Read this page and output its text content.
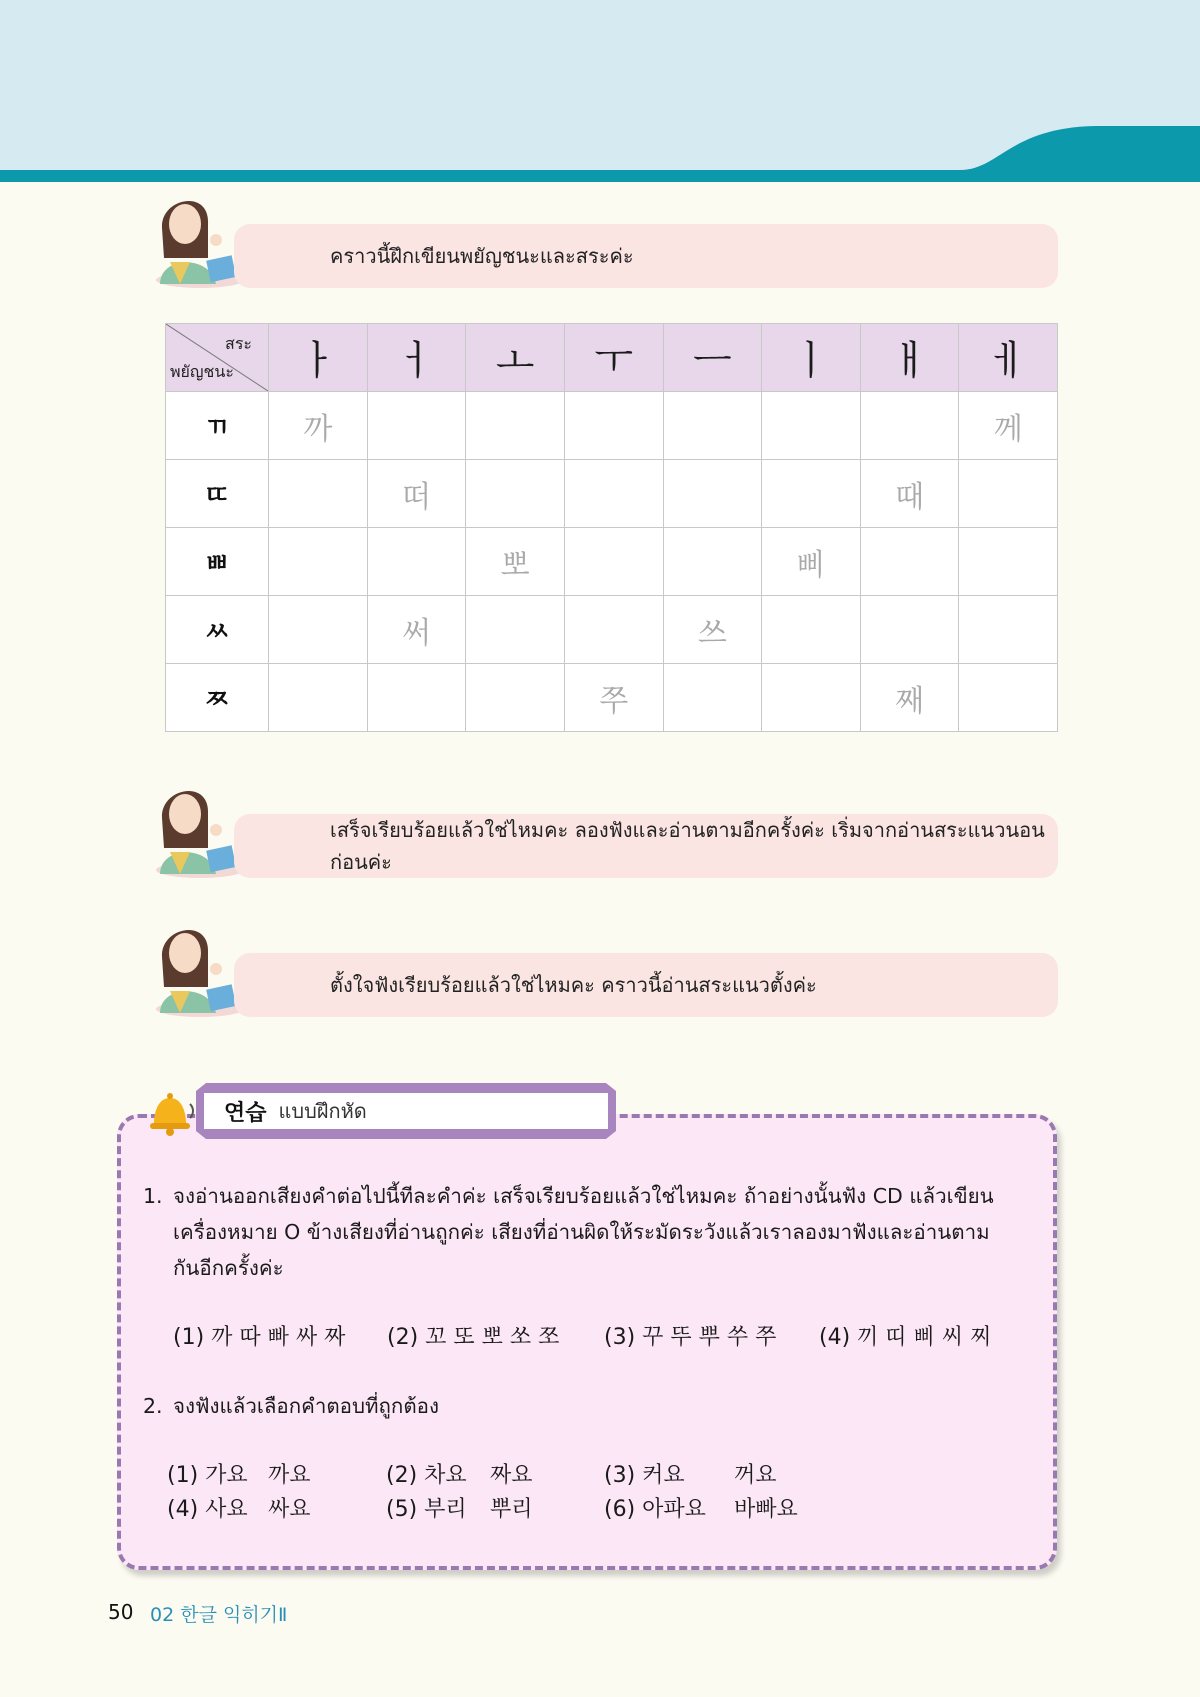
คราวนี้ฝึกเขียนพยัญชนะและสระค่ะ
สระ
พยัญชนะ	ㅏ	ㅓ	ㅗ	ㅜ	ㅡ	ㅣ	ㅐ	ㅔ
ㄲ	까							께
ㄸ		떠					때	
ㅃ			뽀			삐		
ㅆ		써			쓰			
ㅉ				쭈			째	
เสร็จเรียบร้อยแล้วใช่ไหมคะ ลองฟังและอ่านตามอีกครั้งค่ะ เริ่มจากอ่านสระแนวนอนก่อนค่ะ
ตั้งใจฟังเรียบร้อยแล้วใช่ไหมคะ คราวนี้อ่านสระแนวตั้งค่ะ
연습 แบบฝึกหัด
1. จงอ่านออกเสียงคำต่อไปนี้ทีละคำค่ะ เสร็จเรียบร้อยแล้วใช่ไหมคะ ถ้าอย่างนั้นฟัง CD แล้วเขียน
เครื่องหมาย O ข้างเสียงที่อ่านถูกค่ะ เสียงที่อ่านผิดให้ระมัดระวังแล้วเราลองมาฟังและอ่านตาม
กันอีกครั้งค่ะ
(1) 까 따 빠 싸 짜 (2) 꼬 또 뽀 쏘 쪼 (3) 꾸 뚜 뿌 쑤 쭈 (4) 끼 띠 삐 씨 찌
2. จงฟังแล้วเลือกคำตอบที่ถูกต้อง
(1) 가요 까요	(2) 차요 짜요	(3) 커요 꺼요
(4) 사요 싸요	(5) 부리 뿌리	(6) 아파요 바빠요
50 02 한글 익히기Ⅱ
